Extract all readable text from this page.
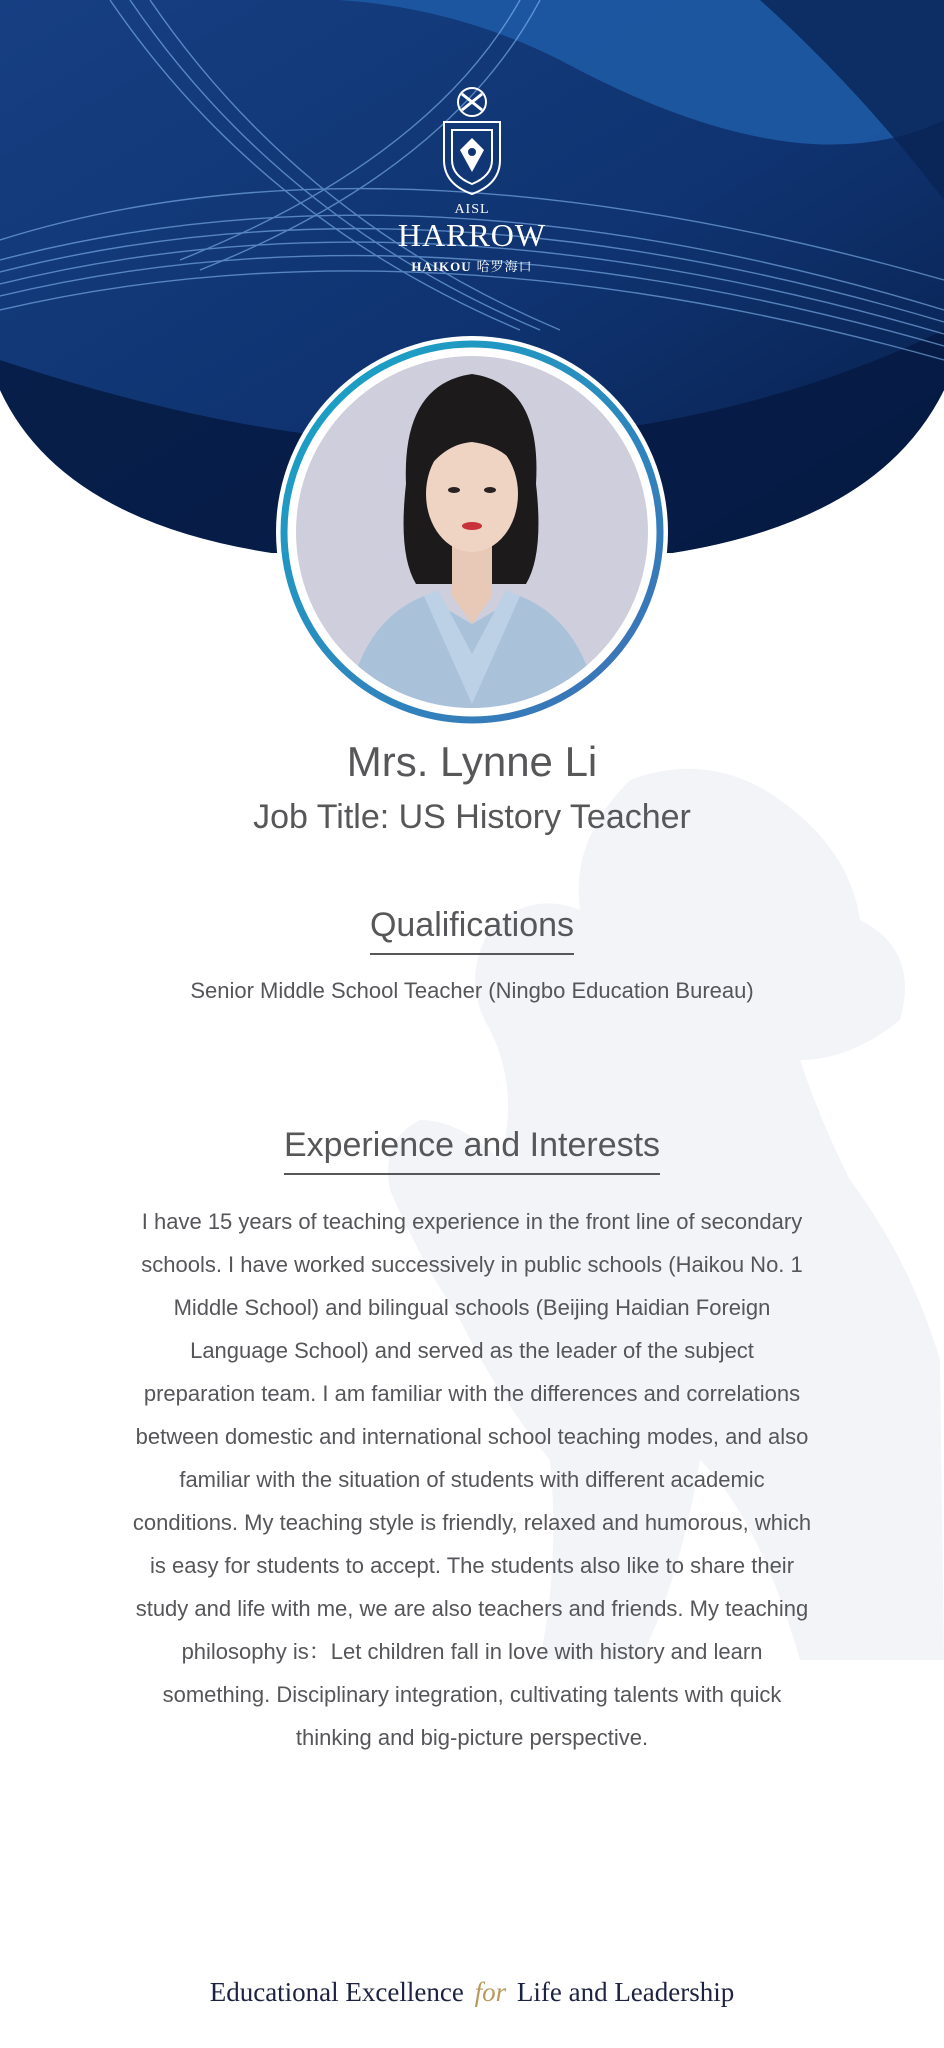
AISL
HARROW
HAIKOU 哈罗海口
Mrs. Lynne Li
Job Title: US History Teacher
Qualifications
Senior Middle School Teacher (Ningbo Education Bureau)
Experience and Interests
I have 15 years of teaching experience in the front line of secondary schools. I have worked successively in public schools (Haikou No. 1 Middle School) and bilingual schools (Beijing Haidian Foreign Language School) and served as the leader of the subject preparation team. I am familiar with the differences and correlations between domestic and international school teaching modes, and also familiar with the situation of students with different academic conditions. My teaching style is friendly, relaxed and humorous, which is easy for students to accept. The students also like to share their study and life with me, we are also teachers and friends. My teaching philosophy is：Let children fall in love with history and learn something. Disciplinary integration, cultivating talents with quick thinking and big-picture perspective.
Educational Excellence for Life and Leadership
